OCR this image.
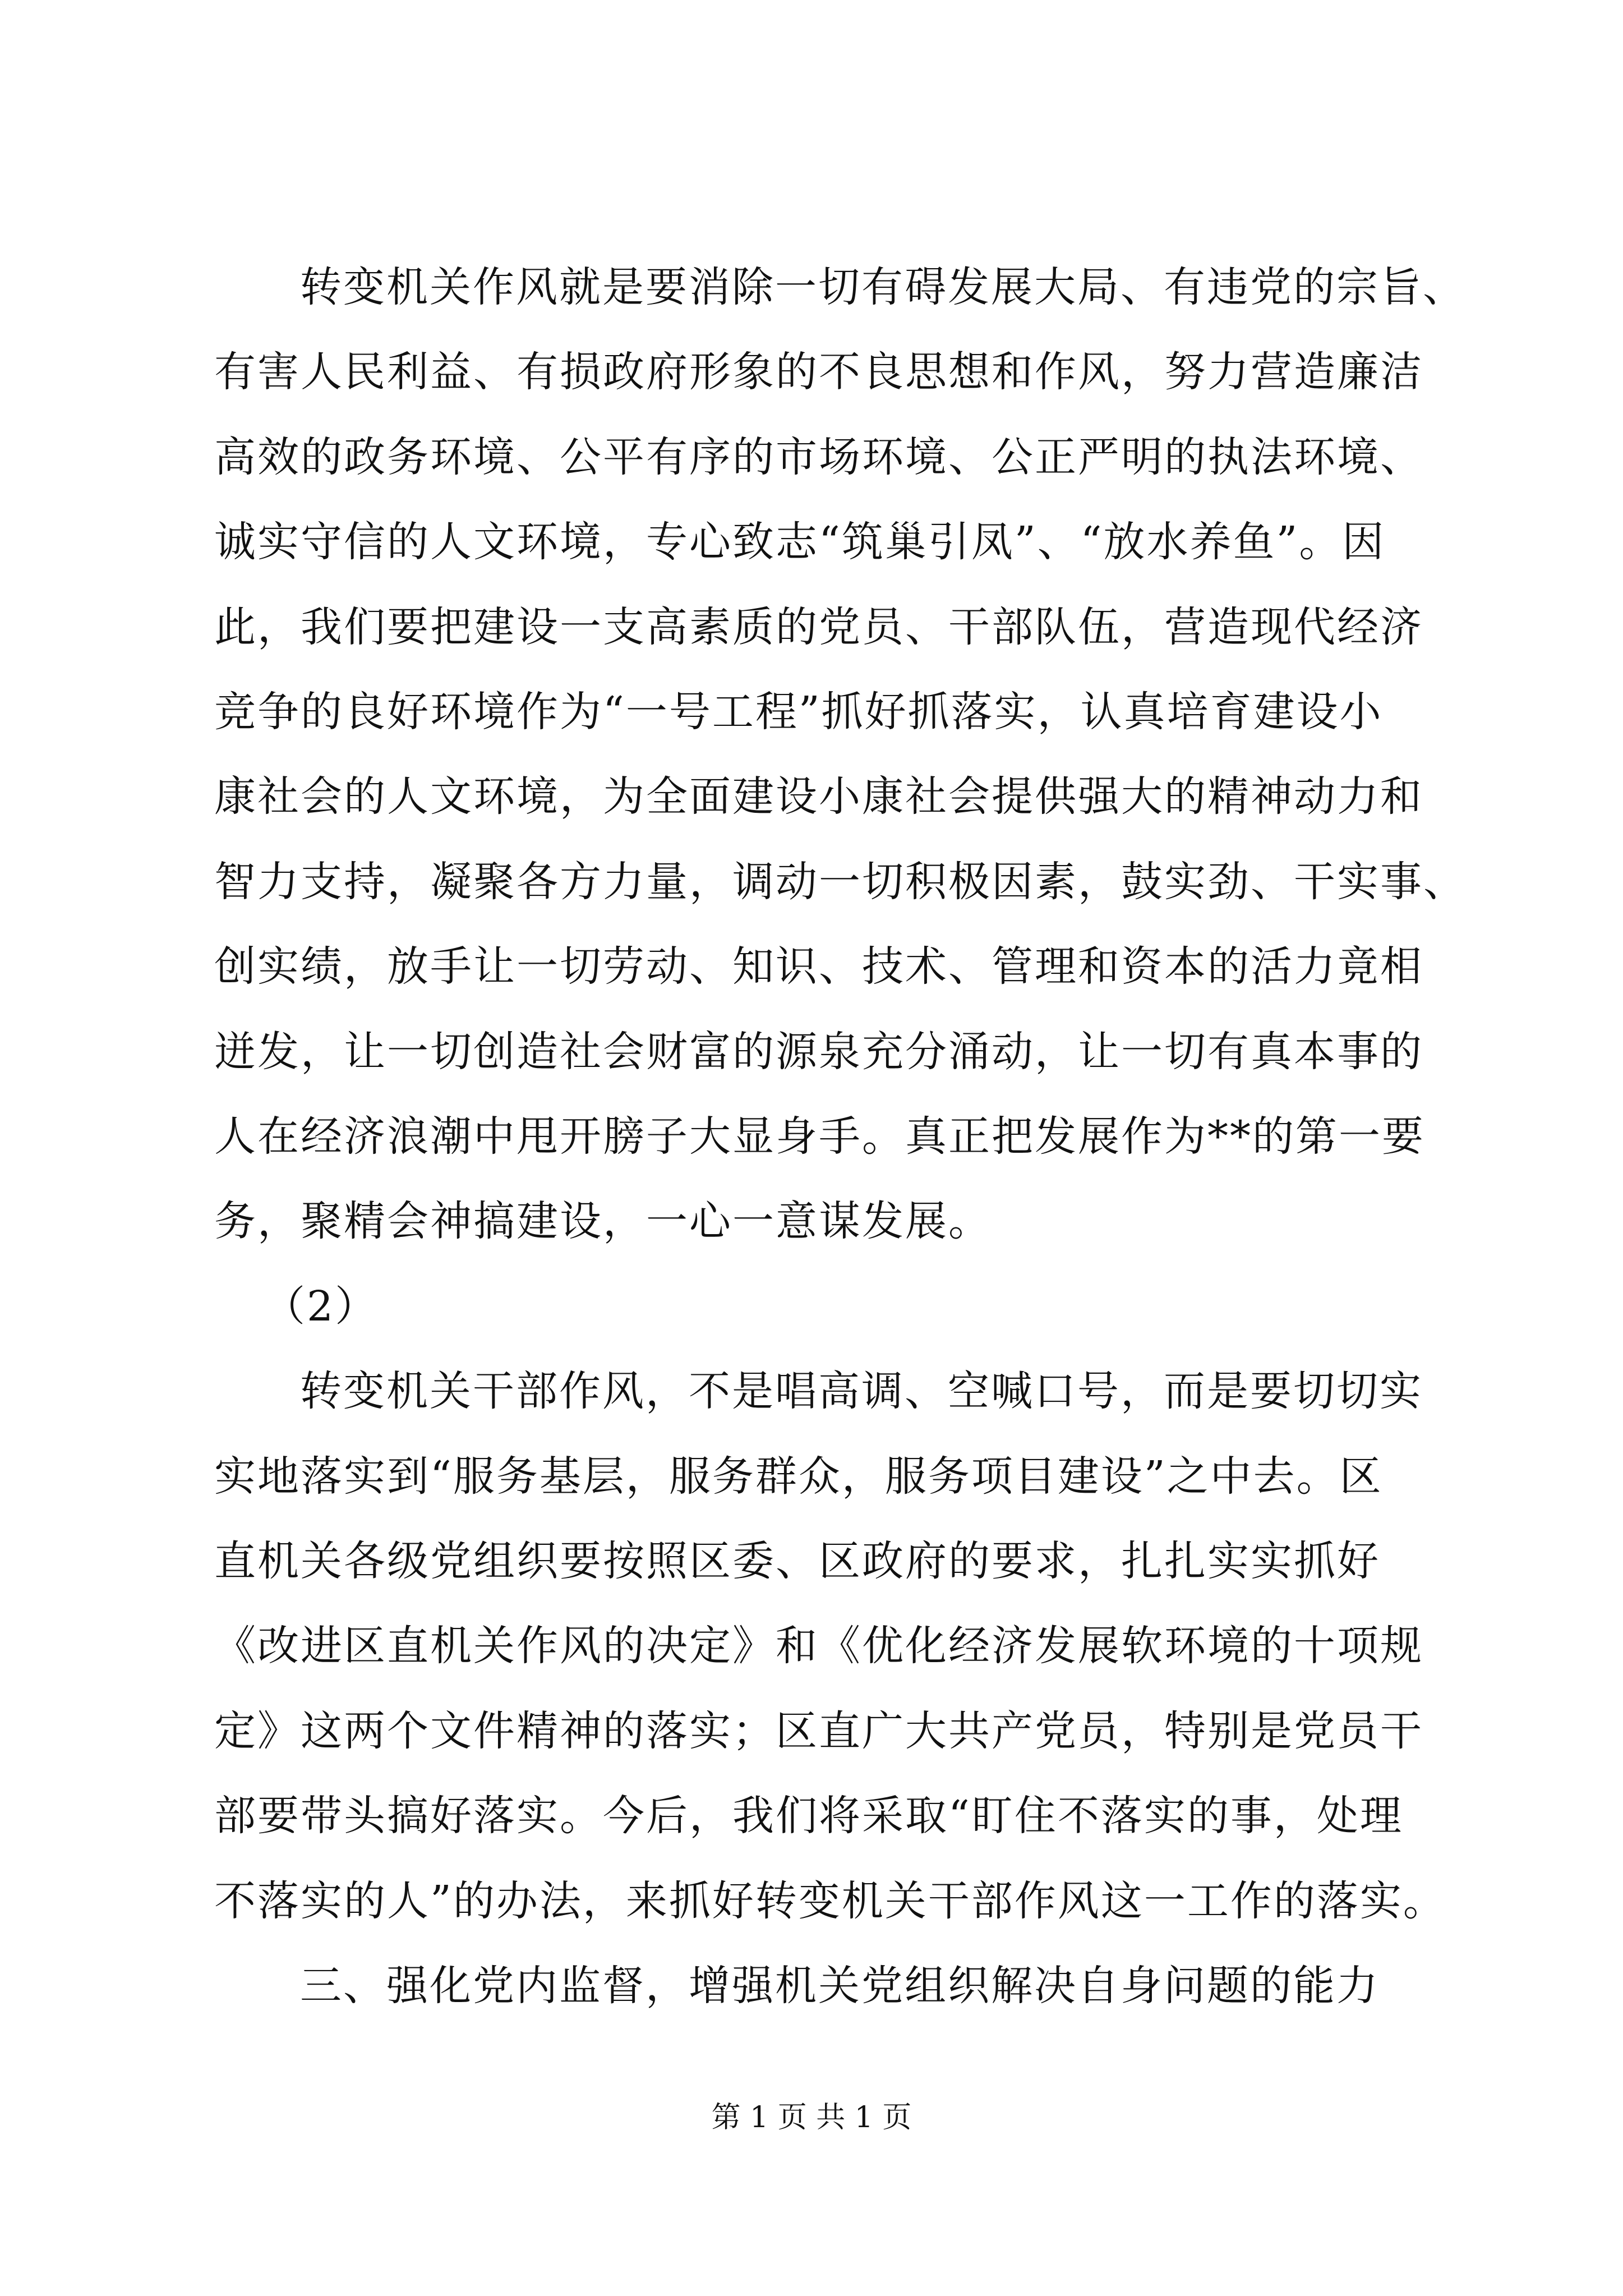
转变机关作风就是要消除一切有碍发展大局、有违党的宗旨、
有害人民利益、有损政府形象的不良思想和作风，努力营造廉洁
高效的政务环境、公平有序的市场环境、公正严明的执法环境、
诚实守信的人文环境，专心致志“筑巢引凤”、“放水养鱼”。因
此，我们要把建设一支高素质的党员、干部队伍，营造现代经济
竞争的良好环境作为“一号工程”抓好抓落实，认真培育建设小
康社会的人文环境，为全面建设小康社会提供强大的精神动力和
智力支持，凝聚各方力量，调动一切积极因素，鼓实劲、干实事、
创实绩，放手让一切劳动、知识、技术、管理和资本的活力竟相
迸发，让一切创造社会财富的源泉充分涌动，让一切有真本事的
人在经济浪潮中甩开膀子大显身手。真正把发展作为**的第一要
务，聚精会神搞建设，一心一意谋发展。
（2）
转变机关干部作风，不是唱高调、空喊口号，而是要切切实
实地落实到“服务基层，服务群众，服务项目建设”之中去。区
直机关各级党组织要按照区委、区政府的要求，扎扎实实抓好
《改进区直机关作风的决定》和《优化经济发展软环境的十项规
定》这两个文件精神的落实；区直广大共产党员，特别是党员干
部要带头搞好落实。今后，我们将采取“盯住不落实的事，处理
不落实的人”的办法，来抓好转变机关干部作风这一工作的落实。
三、强化党内监督，增强机关党组织解决自身问题的能力
第 1 页 共 1 页
